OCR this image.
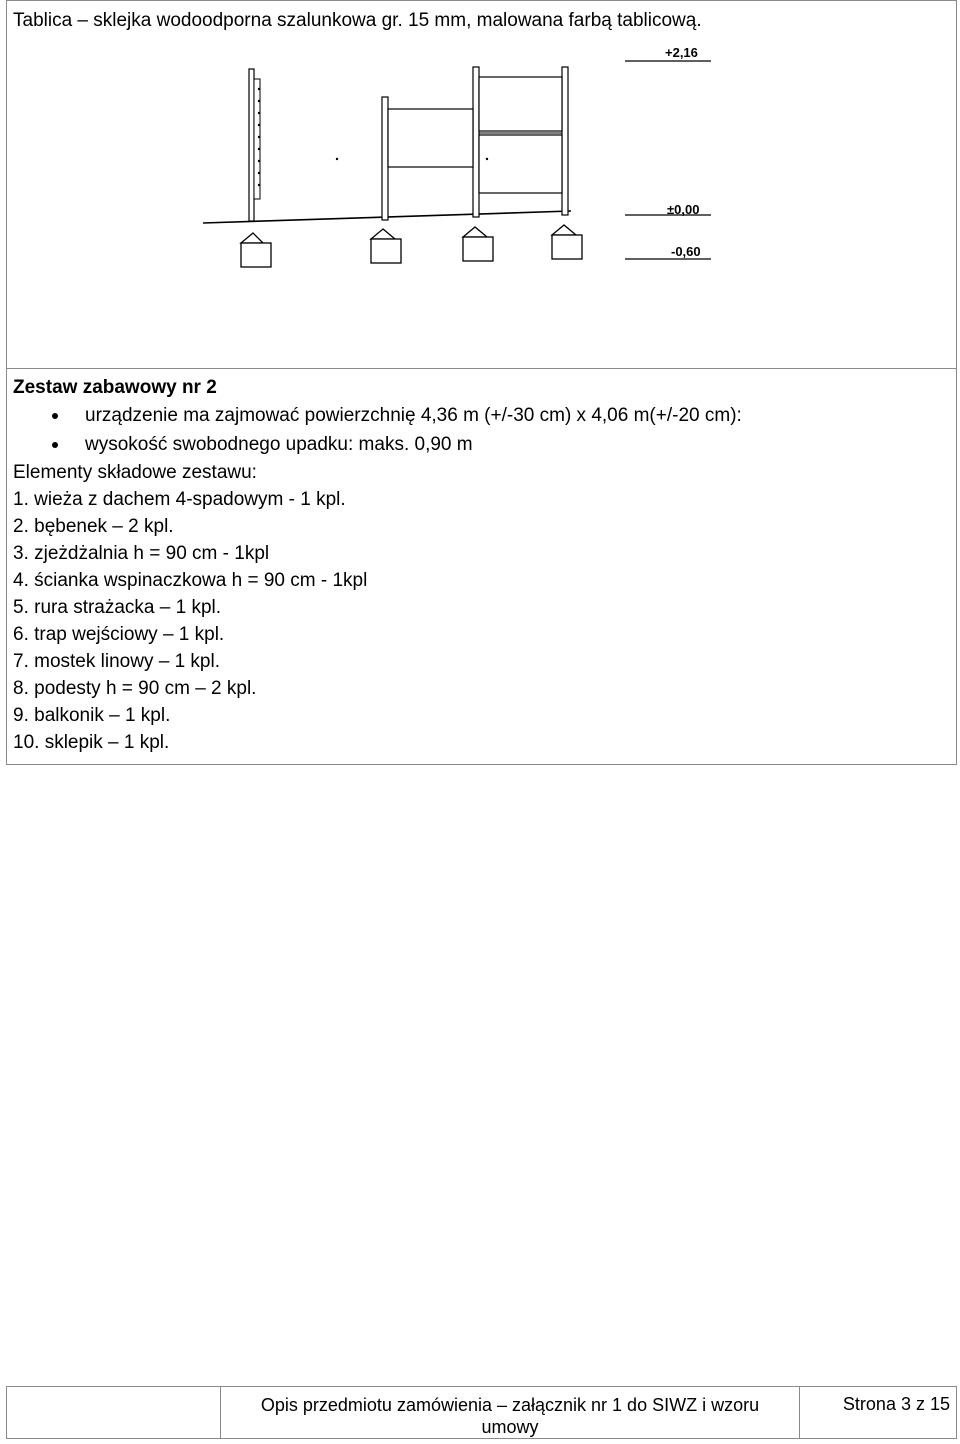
Tablica – sklejka wodoodporna szalunkowa gr. 15 mm, malowana farbą tablicową.
+2,16
±0,00
-0,60
Zestaw zabawowy nr 2
urządzenie ma zajmować powierzchnię 4,36 m (+/-30 cm) x 4,06 m(+/-20 cm):
wysokość swobodnego upadku: maks. 0,90 m
Elementy składowe zestawu:
1. wieża z dachem 4-spadowym - 1 kpl.
2. bębenek – 2 kpl.
3. zjeżdżalnia h = 90 cm - 1kpl
4. ścianka wspinaczkowa h = 90 cm - 1kpl
5. rura strażacka – 1 kpl.
6. trap wejściowy – 1 kpl.
7. mostek linowy – 1 kpl.
8. podesty h = 90 cm – 2 kpl.
9. balkonik – 1 kpl.
10. sklepik – 1 kpl.
Opis przedmiotu zamówienia – załącznik nr 1 do SIWZ i wzoru umowy
Strona 3 z 15
